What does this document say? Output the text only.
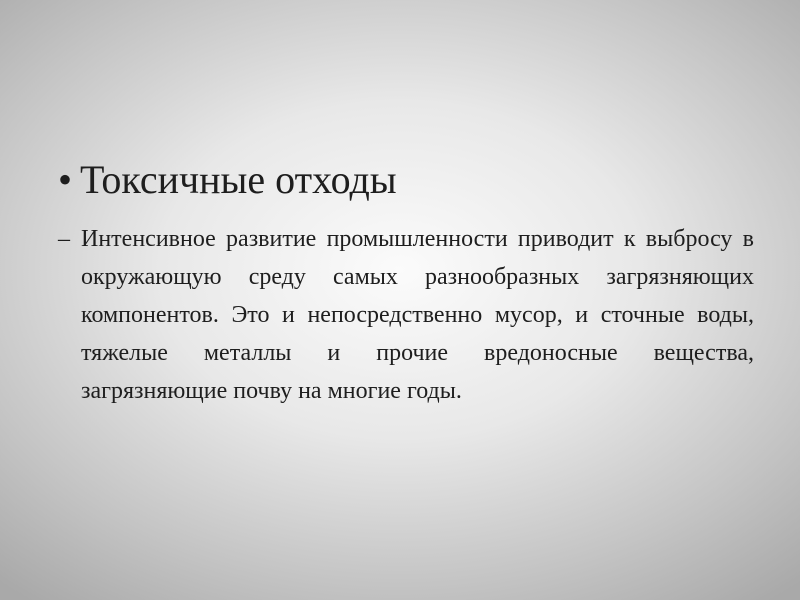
• Токсичные отходы
– Интенсивное развитие промышленности приводит к выбросу в окружающую среду самых разнообразных загрязняющих компонентов. Это и непосредственно мусор, и сточные воды, тяжелые металлы и прочие вредоносные вещества, загрязняющие почву на многие годы.
